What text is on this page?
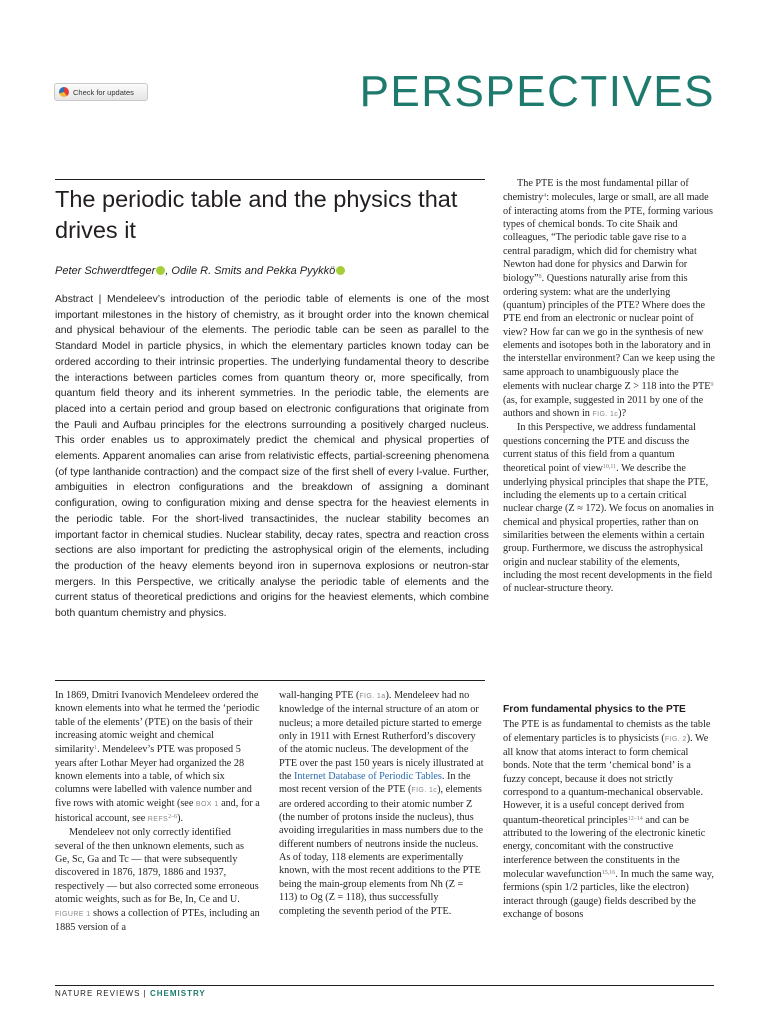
Check for updates	PERSPECTIVES
The periodic table and the physics that drives it
Peter Schwerdtfeger , Odile R. Smits and Pekka Pyykkö
Abstract | Mendeleev’s introduction of the periodic table of elements is one of the most important milestones in the history of chemistry, as it brought order into the known chemical and physical behaviour of the elements. The periodic table can be seen as parallel to the Standard Model in particle physics, in which the elementary particles known today can be ordered according to their intrinsic properties. The underlying fundamental theory to describe the interactions between particles comes from quantum theory or, more specifically, from quantum field theory and its inherent symmetries. In the periodic table, the elements are placed into a certain period and group based on electronic configurations that originate from the Pauli and Aufbau principles for the electrons surrounding a positively charged nucleus. This order enables us to approximately predict the chemical and physical properties of elements. Apparent anomalies can arise from relativistic effects, partial-screening phenomena (of type lanthanide contraction) and the compact size of the first shell of every l-value. Further, ambiguities in electron configurations and the breakdown of assigning a dominant configuration, owing to configuration mixing and dense spectra for the heaviest elements in the periodic table. For the short-lived transactinides, the nuclear stability becomes an important factor in chemical studies. Nuclear stability, decay rates, spectra and reaction cross sections are also important for predicting the astrophysical origin of the elements, including the production of the heavy elements beyond iron in supernova explosions or neutron-star mergers. In this Perspective, we critically analyse the periodic table of elements and the current status of theoretical predictions and origins for the heaviest elements, which combine both quantum chemistry and physics.

In 1869, Dmitri Ivanovich Mendeleev ordered the known elements into what he termed the ‘periodic table of the elements’ (PTE) on the basis of their increasing atomic weight and chemical similarity$^1$. Mendeleev’s PTE was proposed 5 years after Lothar Meyer had organized the 28 known elements into a table, of which six columns were labelled with valence number and five rows with atomic weight (see BOX 1 and, for a historical account, see REFS$^{2-6}$).

Mendeleev not only correctly identified several of the then unknown elements, such as Ge, Sc, Ga and Tc — that were subsequently discovered in 1876, 1879, 1886 and 1937, respectively — but also corrected some erroneous atomic weights, such as for Be, In, Ce and U. FIGURE 1 shows a collection of PTEs, including an 1885 version of a

wall-hanging PTE (FIG. 1a). Mendeleev had no knowledge of the internal structure of an atom or nucleus; a more detailed picture started to emerge only in 1911 with Ernest Rutherford’s discovery of the atomic nucleus. The development of the PTE over the past 150 years is nicely illustrated at the Internet Database of Periodic Tables. In the most recent version of the PTE (FIG. 1c), elements are ordered according to their atomic number Z (the number of protons inside the nucleus), thus avoiding irregularities in mass numbers due to the different numbers of neutrons inside the nucleus. As of today, 118 elements are experimentally known, with the most recent additions to the PTE being the main-group elements from Nh (Z = 113) to Og (Z = 118), thus successfully completing the seventh period of the PTE.

The PTE is the most fundamental pillar of chemistry$^4$: molecules, large or small, are all made of interacting atoms from the PTE, forming various types of chemical bonds. To cite Shaik and colleagues, “The periodic table gave rise to a central paradigm, which did for chemistry what Newton had done for physics and Darwin for biology”$^8$. Questions naturally arise from this ordering system: what are the underlying (quantum) principles of the PTE? Where does the PTE end from an electronic or nuclear point of view? How far can we go in the synthesis of new elements and isotopes both in the laboratory and in the interstellar environment? Can we keep using the same approach to unambiguously place the elements with nuclear charge Z > 118 into the PTE$^9$ (as, for example, suggested in 2011 by one of the authors and shown in FIG. 1c)?

In this Perspective, we address fundamental questions concerning the PTE and discuss the current status of this field from a quantum theoretical point of view$^{10,11}$. We describe the underlying physical principles that shape the PTE, including the elements up to a certain critical nuclear charge (Z ≈ 172). We focus on anomalies in chemical and physical properties, rather than on similarities between the elements within a certain group. Furthermore, we discuss the astrophysical origin and nuclear stability of the elements, including the most recent developments in the field of nuclear-structure theory.

From fundamental physics to the PTE

The PTE is as fundamental to chemists as the table of elementary particles is to physicists (FIG. 2). We all know that atoms interact to form chemical bonds. Note that the term ‘chemical bond’ is a fuzzy concept, because it does not strictly correspond to a quantum-mechanical observable. However, it is a useful concept derived from quantum-theoretical principles$^{12-14}$ and can be attributed to the lowering of the electronic kinetic energy, concomitant with the constructive interference between the constituents in the molecular wavefunction$^{15,16}$. In much the same way, fermions (spin 1/2 particles, like the electron) interact through (gauge) fields described by the exchange of bosons

NATURE REVIEWS | CHEMISTRY
